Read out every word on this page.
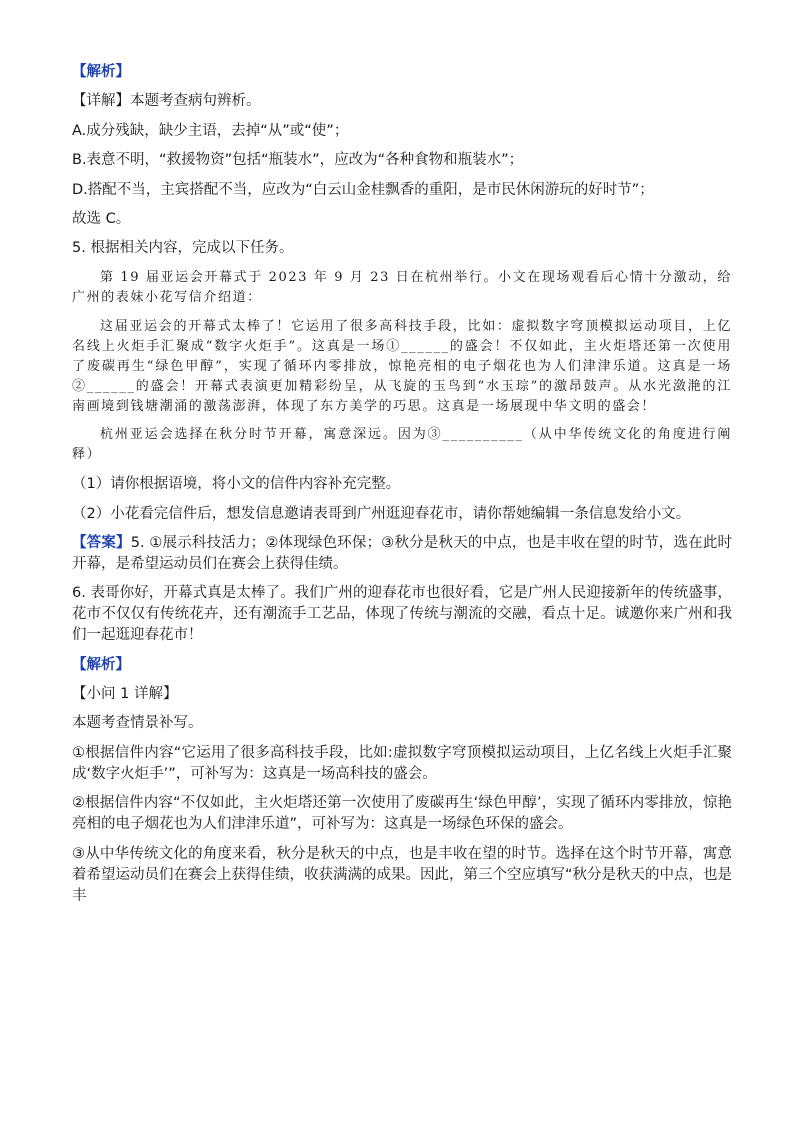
【解析】
【详解】本题考查病句辨析。
A.成分残缺，缺少主语，去掉“从”或“使”；
B.表意不明，“救援物资”包括“瓶装水”，应改为“各种食物和瓶装水”；
D.搭配不当，主宾搭配不当，应改为“白云山金桂飘香的重阳，是市民休闲游玩的好时节”；
故选 C。
5. 根据相关内容，完成以下任务。
第 19 届亚运会开幕式于 2023 年 9 月 23 日在杭州举行。小文在现场观看后心情十分激动，给广州的表妹小花写信介绍道：
这届亚运会的开幕式太棒了！它运用了很多高科技手段，比如：虚拟数字穹顶模拟运动项目，上亿名线上火炬手汇聚成“数字火炬手”。这真是一场①______的盛会！不仅如此，主火炬塔还第一次使用了废碳再生“绿色甲醇”，实现了循环内零排放，惊艳亮相的电子烟花也为人们津津乐道。这真是一场②______的盛会！开幕式表演更加精彩纷呈，从飞旋的玉鸟到“水玉琮”的激昂鼓声。从水光潋滟的江南画境到钱塘潮涌的激荡澎湃，体现了东方美学的巧思。这真是一场展现中华文明的盛会！
杭州亚运会选择在秋分时节开幕，寓意深远。因为③__________（从中华传统文化的角度进行阐释）
（1）请你根据语境，将小文的信件内容补充完整。
（2）小花看完信件后，想发信息邀请表哥到广州逛迎春花市，请你帮她编辑一条信息发给小文。
【答案】5. ①展示科技活力；②体现绿色环保；③秋分是秋天的中点，也是丰收在望的时节，选在此时开幕，是希望运动员们在赛会上获得佳绩。
6. 表哥你好，开幕式真是太棒了。我们广州的迎春花市也很好看，它是广州人民迎接新年的传统盛事，花市不仅仅有传统花卉，还有潮流手工艺品，体现了传统与潮流的交融，看点十足。诚邀你来广州和我们一起逛迎春花市！
【解析】
【小问 1 详解】
本题考查情景补写。
①根据信件内容“它运用了很多高科技手段，比如:虚拟数字穹顶模拟运动项目，上亿名线上火炬手汇聚成‘数字火炬手’”，可补写为：这真是一场高科技的盛会。
②根据信件内容“不仅如此，主火炬塔还第一次使用了废碳再生‘绿色甲醇’，实现了循环内零排放，惊艳亮相的电子烟花也为人们津津乐道”，可补写为：这真是一场绿色环保的盛会。
③从中华传统文化的角度来看，秋分是秋天的中点，也是丰收在望的时节。选择在这个时节开幕，寓意着希望运动员们在赛会上获得佳绩，收获满满的成果。因此，第三个空应填写“秋分是秋天的中点，也是丰
